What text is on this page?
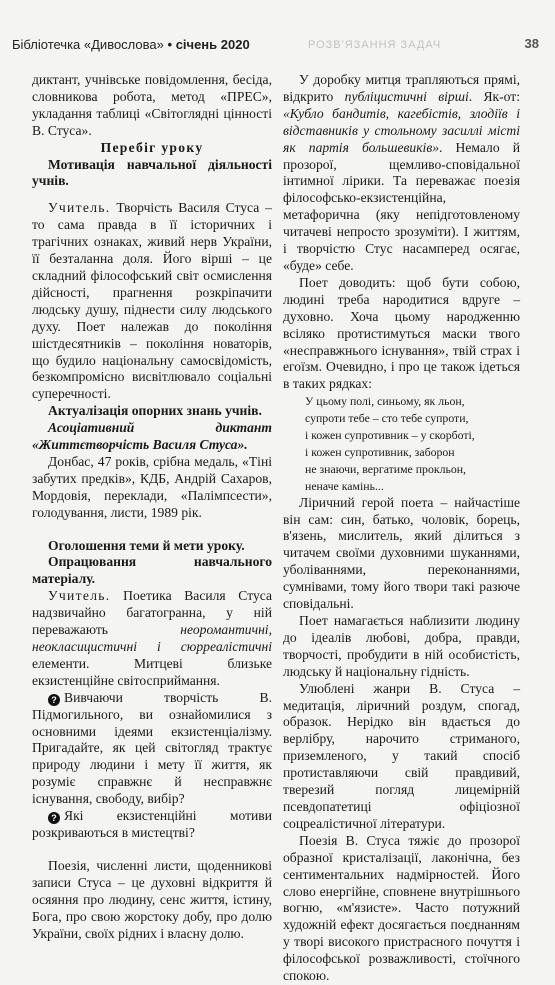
Бібліотечка «Дивослова» • січень 2020	РОЗВ'ЯЗАННЯ ЗАДАЧ	38

диктант, учнівське повідомлення, бесіда, словникова робота, метод «ПРЕС», укладання таблиці «Світоглядні цінності В. Стуса».

Перебіг уроку

Мотивація навчальної діяльності учнів.

Учитель. Творчість Василя Стуса – то сама правда в її історичних і трагічних ознаках, живий нерв України, її безталанна доля. Його вірші – це складний філософський світ осмислення дійсності, прагнення розкріпачити людську душу, піднести силу людського духу. Поет належав до покоління шістдесятників – покоління новаторів, що будило національну самосвідомість, безкомпромісно висвітлювало соціальні суперечності.

Актуалізація опорних знань учнів.

Асоціативний диктант «Життєтворчість Василя Стуса».

Донбас, 47 років, срібна медаль, «Тіні забутих предків», КДБ, Андрій Сахаров, Мордовія, переклади, «Палімпсести», голодування, листи, 1989 рік.

Оголошення теми й мети уроку.

Опрацювання навчального матеріалу.

Учитель. Поетика Василя Стуса надзвичайно багатогранна, у ній переважають	неоромантичні, неокласицистичні і сюрреалістичні елементи. Митцеві близьке екзистенційне світосприймання.

? Вивчаючи творчість В. Підмогильного, ви ознайомилися з основними ідеями екзистенціалізму. Пригадайте, як цей світогляд трактує природу людини і мету її життя, як розуміє справжнє й несправжнє існування, свободу, вибір?

? Які екзистенційні мотиви розкриваються в мистецтві?

Поезія, численні листи, щоденникові записи Стуса – це духовні відкриття й осяяння про людину, сенс життя, істину, Бога, про свою жорстоку добу, про долю України, своїх рідних і власну долю.

У доробку митця трапляються прямі, відкрито публіцистичні вірші. Як-от: «Кубло бандитів, кагебістів, злодіїв і відставників у стольному засиллі місті як партія большевиків». Немало й прозорої, щемливо-сповідальної інтимної лірики. Та переважає поезія філософсько-екзистенційна, метафорична (яку непідготовленому читачеві непросто зрозуміти). І життям, і творчістю Стус насамперед осягає, «буде» себе.

Поет доводить: щоб бути собою, людині треба народитися вдруге – духовно. Хоча цьому народженню всіляко протистимуться маски твого «несправжнього існування», твій страх і егоїзм. Очевидно, і про це також ідеться в таких рядках:

У цьому полі, синьому, як льон,

супроти тебе – сто тебе супроти,

і кожен супротивник – у скорботі,

і кожен супротивник, заборон

не знаючи, вергатиме прокльон,

неначе камінь...

Ліричний герой поета – найчастіше він сам: син, батько, чоловік, борець, в'язень, мислитель, який ділиться з читачем своїми духовними шуканнями, уболіваннями, переконаннями, сумнівами, тому його твори такі разюче сповідальні.

Поет намагається наблизити людину до ідеалів любові, добра, правди, творчості, пробудити в ній особистість, людську й національну гідність.

Улюблені жанри В. Стуса – медитація, ліричний роздум, спогад, образок. Нерідко він вдається до верлібру, нарочито стриманого, приземленого, у такий спосіб протиставляючи свій правдивий, тверезий погляд лицемірній псевдопатетиці офіціозної соцреалістичної літератури.

Поезія В. Стуса тяжіє до прозорої образної кристалізації, лаконічна, без сентиментальних надмірностей. Його слово енергійне, сповнене внутрішнього вогню, «м'язисте». Часто потужний художній ефект досягається поєднанням у творі високого пристрасного почуття і філософської розважливості, стоїчного спокою.
